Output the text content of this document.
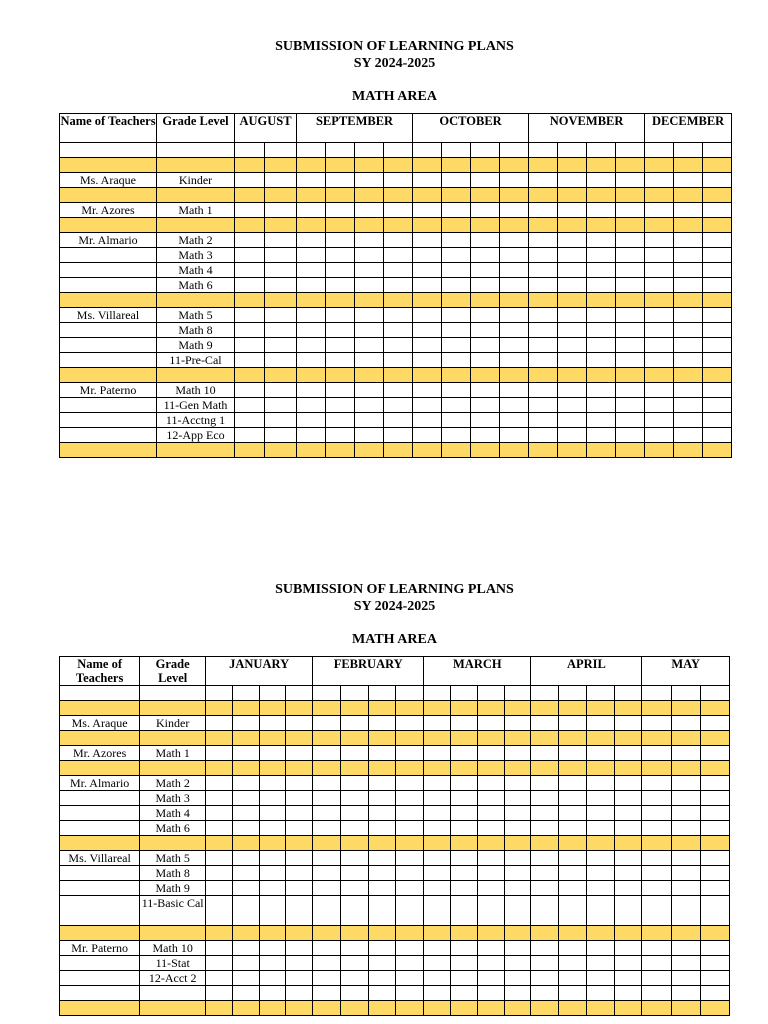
SUBMISSION OF LEARNING PLANS
SY 2024-2025
MATH AREA
Name of Teachers	Grade Level	AUGUST		SEPTEMBER				OCTOBER				NOVEMBER				DECEMBER		

Ms. Araque	Kinder																	

Mr. Azores	Math 1																	

Mr. Almario	Math 2																	
	Math 3																	
	Math 4																	
	Math 6																	

Ms. Villareal	Math 5																	
	Math 8																	
	Math 9																	
	11-Pre-Cal																	

Mr. Paterno	Math 10																	
	11-Gen Math																	
	11-Acctng 1																	
	12-App Eco																	

SUBMISSION OF LEARNING PLANS
SY 2024-2025
MATH AREA
Name of Teachers	Grade Level	JANUARY				FEBRUARY				MARCH				APRIL				MAY		

Ms. Araque	Kinder																			

Mr. Azores	Math 1																			

Mr. Almario	Math 2																			
	Math 3																			
	Math 4																			
	Math 6																			

Ms. Villareal	Math 5																			
	Math 8																			
	Math 9																			
	11-Basic Cal																			

Mr. Paterno	Math 10																			
	11-Stat																			
	12-Acct 2																			
